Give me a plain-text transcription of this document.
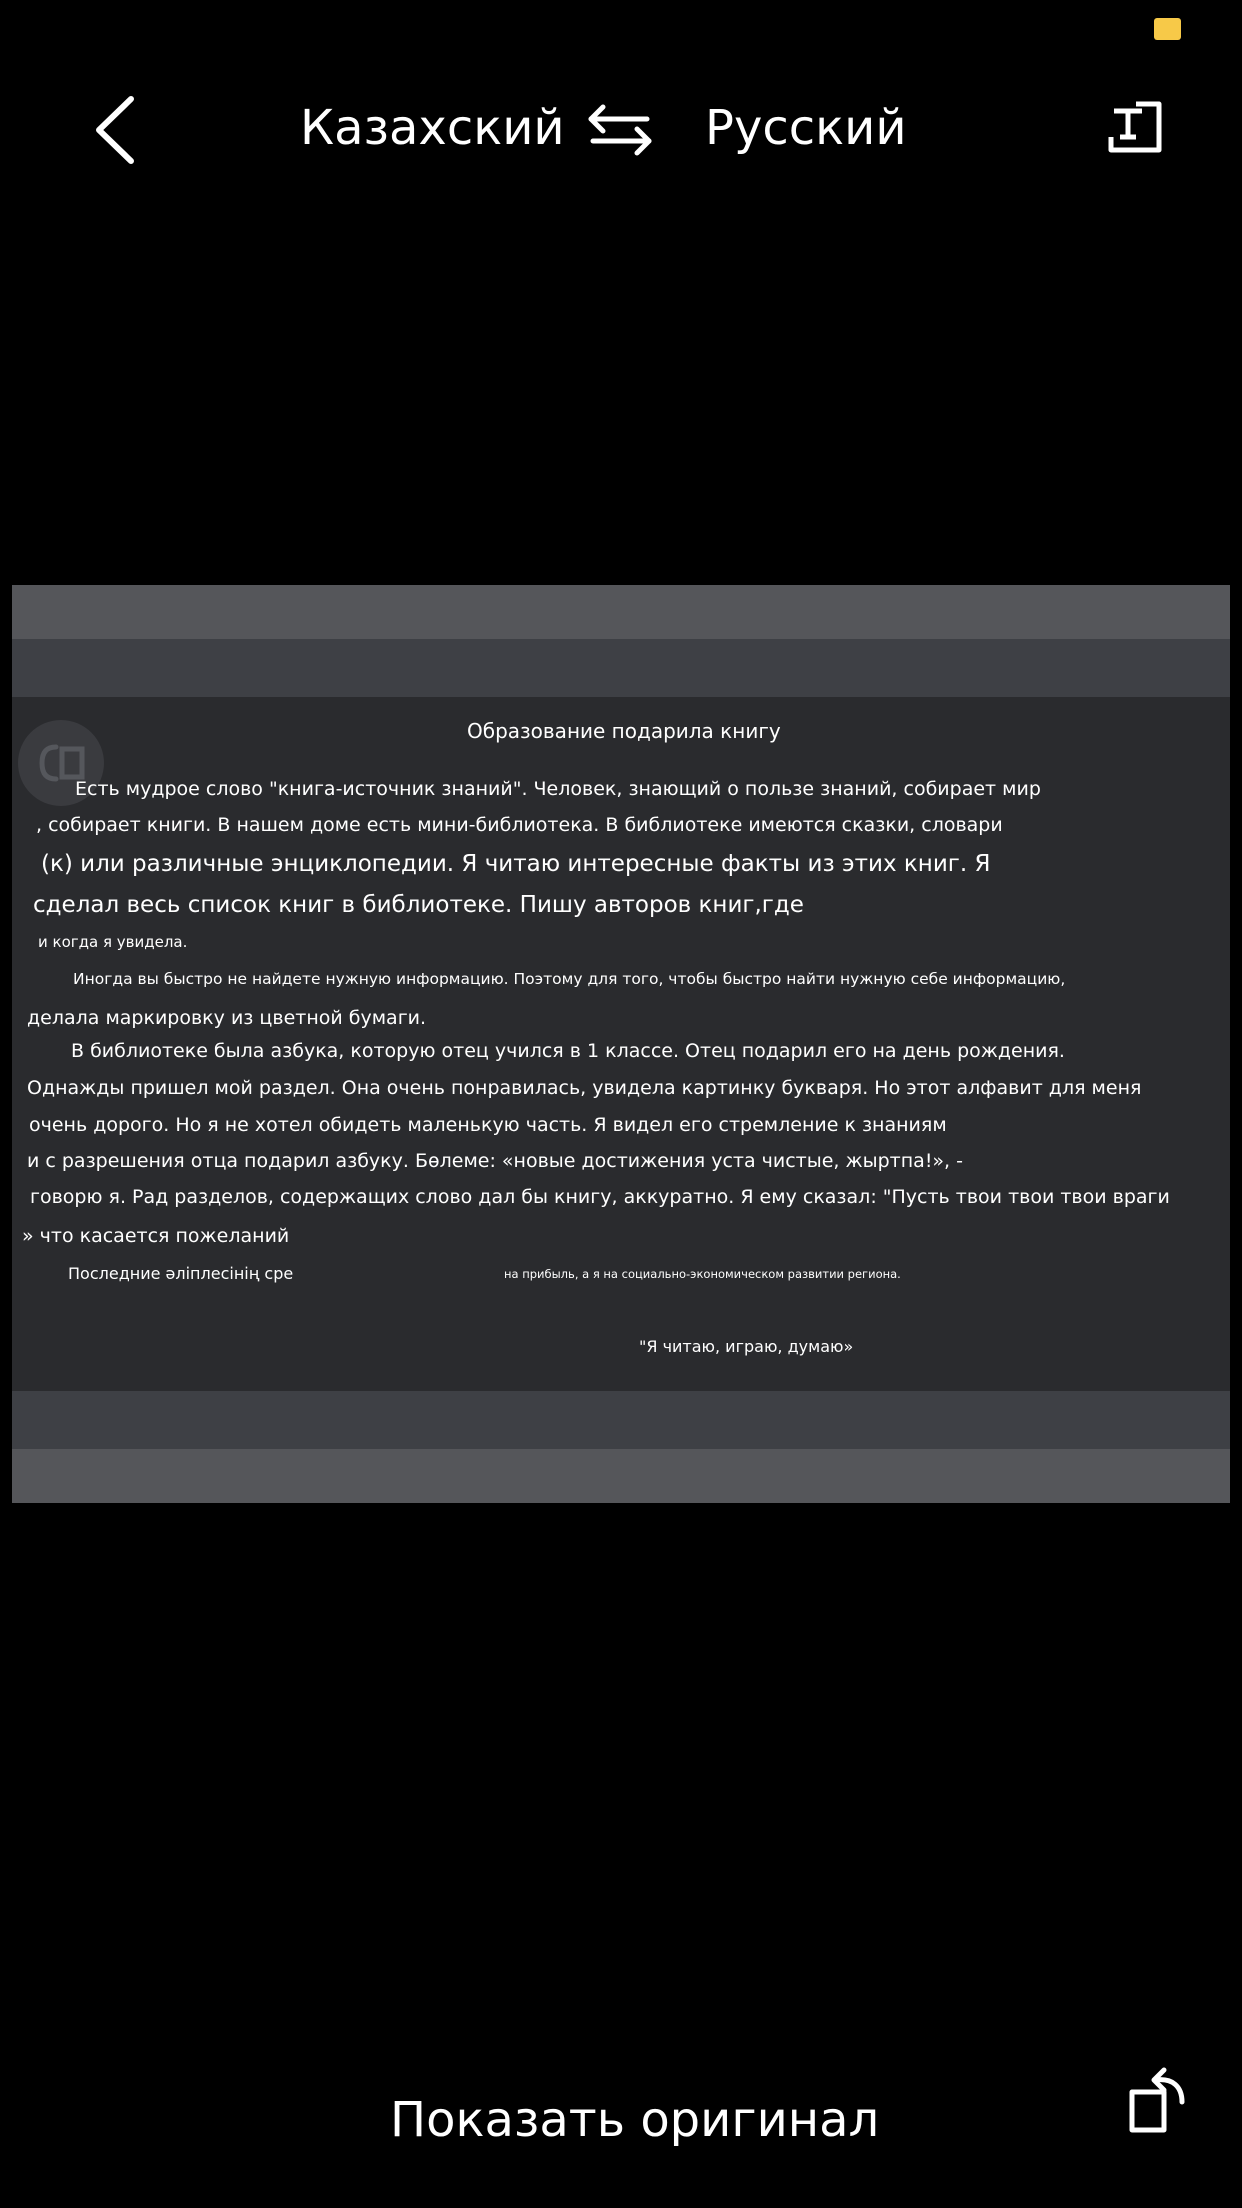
Казахский	Русский
Образование подарила книгу
Есть мудрое слово "книга-источник знаний". Человек, знающий о пользе знаний, собирает мир
, собирает книги. В нашем доме есть мини-библиотека. В библиотеке имеются сказки, словари
(к) или различные энциклопедии. Я читаю интересные факты из этих книг. Я
сделал весь список книг в библиотеке. Пишу авторов книг,где
и когда я увидела.
Иногда вы быстро не найдете нужную информацию. Поэтому для того, чтобы быстро найти нужную себе информацию,
делала маркировку из цветной бумаги.
В библиотеке была азбука, которую отец учился в 1 классе. Отец подарил его на день рождения.
Однажды пришел мой раздел. Она очень понравилась, увидела картинку букваря. Но этот алфавит для меня
очень дорого. Но я не хотел обидеть маленькую часть. Я видел его стремление к знаниям
и с разрешения отца подарил азбуку. Бөлеме: «новые достижения уста чистые, жыртпа!», -
говорю я. Рад разделов, содержащих слово дал бы книгу, аккуратно. Я ему сказал: "Пусть твои твои твои враги
» что касается пожеланий
Последние әліплесінің сре	на прибыль, а я на социально-экономическом развитии региона.
"Я читаю, играю, думаю»
Показать оригинал
